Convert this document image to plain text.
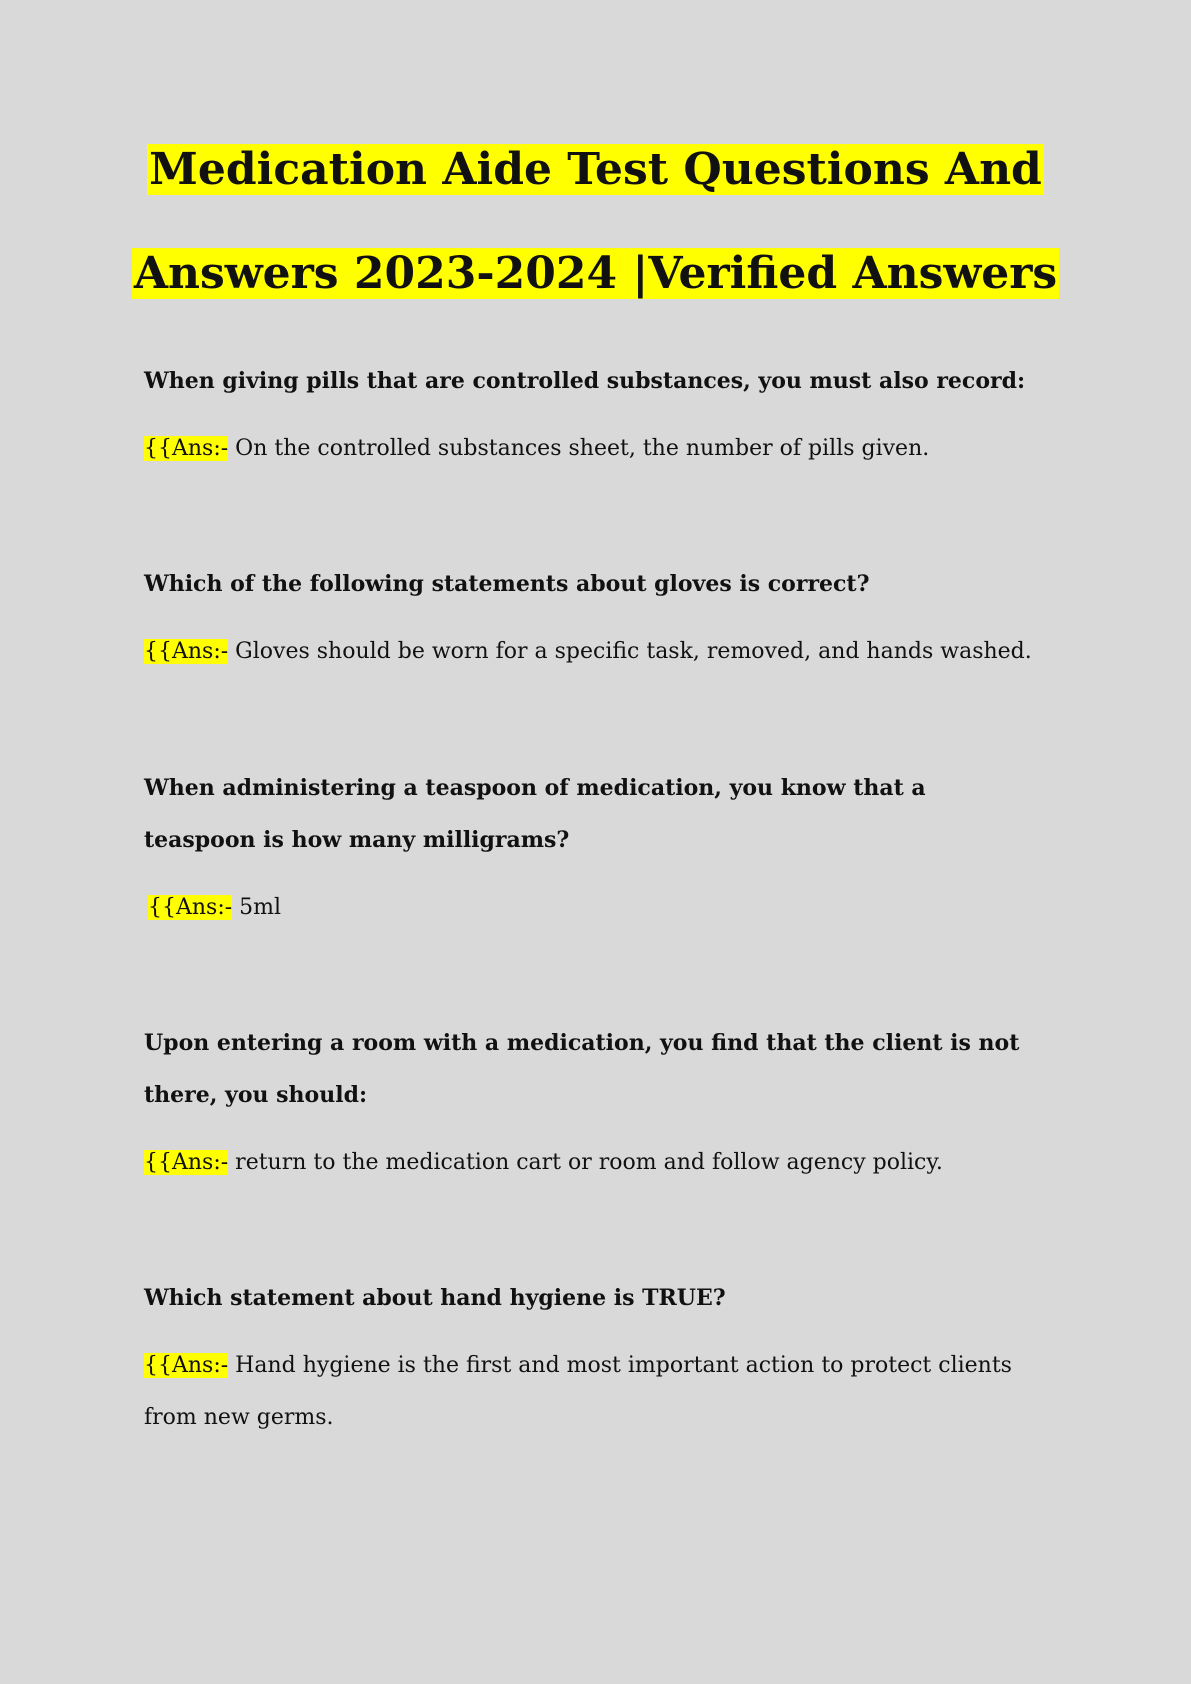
Medication Aide Test Questions And
Answers 2023-2024 |Verified Answers

When giving pills that are controlled substances, you must also record:

{{Ans:- On the controlled substances sheet, the number of pills given.

Which of the following statements about gloves is correct?

{{Ans:- Gloves should be worn for a specific task, removed, and hands washed.

When administering a teaspoon of medication, you know that a teaspoon is how many milligrams?

{{Ans:- 5ml

Upon entering a room with a medication, you find that the client is not there, you should:

{{Ans:- return to the medication cart or room and follow agency policy.

Which statement about hand hygiene is TRUE?

{{Ans:- Hand hygiene is the first and most important action to protect clients from new germs.
